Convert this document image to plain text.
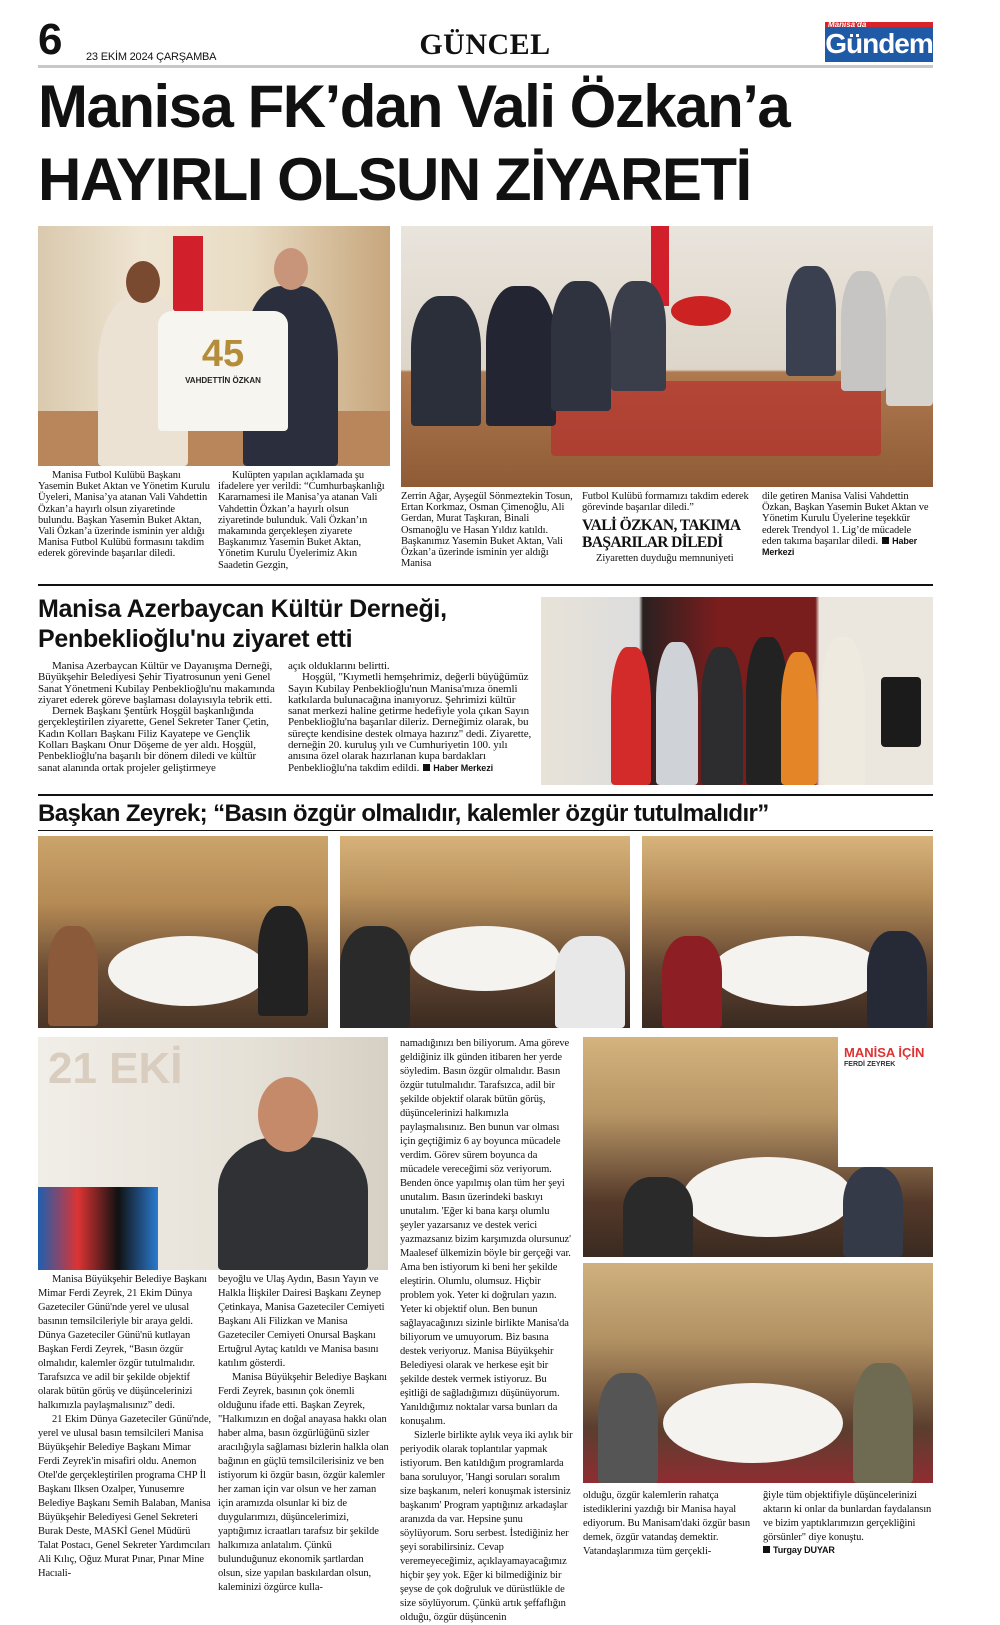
6 23 EKİM 2024 ÇARŞAMBA	GÜNCEL
Manisa'da
Gündem
Manisa FK’dan Vali Özkan’a
HAYIRLI OLSUN ZİYARETİ
45
VAHDETTİN ÖZKAN

Manisa Futbol Kulübü Başkanı Yasemin Buket Aktan ve Yönetim Kurulu Üyeleri, Manisa’ya atanan Vali Vahdettin Özkan’a hayırlı olsun ziyaretinde bulundu. Başkan Yasemin Buket Aktan, Vali Özkan’a üzerinde isminin yer aldığı Manisa Futbol Kulübü formasını takdim ederek görevinde başarılar diledi.

Kulüpten yapılan açıklamada şu ifadelere yer verildi: “Cumhurbaşkanlığı Kararnamesi ile Manisa’ya atanan Vali Vahdettin Özkan’a hayırlı olsun ziyaretinde bulunduk. Vali Özkan’ın makamında gerçekleşen ziyarete Başkanımız Yasemin Buket Aktan, Yönetim Kurulu Üyelerimiz Akın Saadetin Gezgin,

Zerrin Ağar, Ayşegül Sönmeztekin Tosun, Ertan Korkmaz, Osman Çimenoğlu, Ali Gerdan, Murat Taşkıran, Binali Osmanoğlu ve Hasan Yıldız katıldı. Başkanımız Yasemin Buket Aktan, Vali Özkan’a üzerinde isminin yer aldığı Manisa

Futbol Kulübü formamızı takdim ederek görevinde başarılar diledi.”

VALİ ÖZKAN, TAKIMA BAŞARILAR DİLEDİ

Ziyaretten duyduğu memnuniyeti

dile getiren Manisa Valisi Vahdettin Özkan, Başkan Yasemin Buket Aktan ve Yönetim Kurulu Üyelerine teşekkür ederek Trendyol 1. Lig’de mücadele eden takıma başarılar diledi. Haber Merkezi
Manisa Azerbaycan Kültür Derneği, Penbeklioğlu'nu ziyaret etti

Manisa Azerbaycan Kültür ve Dayanışma Derneği, Büyükşehir Belediyesi Şehir Tiyatrosunun yeni Genel Sanat Yönetmeni Kubilay Penbeklioğlu'nu makamında ziyaret ederek göreve başlaması dolayısıyla tebrik etti.

Dernek Başkanı Şentürk Hoşgül başkanlığında gerçekleştirilen ziyarette, Genel Sekreter Taner Çetin, Kadın Kolları Başkanı Filiz Kayatepe ve Gençlik Kolları Başkanı Onur Döşeme de yer aldı. Hoşgül, Penbeklioğlu'na başarılı bir dönem diledi ve kültür sanat alanında ortak projeler geliştirmeye

açık olduklarını belirtti.

Hoşgül, "Kıymetli hemşehrimiz, değerli büyüğümüz Sayın Kubilay Penbeklioğlu'nun Manisa'mıza önemli katkılarda bulunacağına inanıyoruz. Şehrimizi kültür sanat merkezi haline getirme hedefiyle yola çıkan Sayın Penbeklioğlu'na başarılar dileriz. Derneğimiz olarak, bu süreçte kendisine destek olmaya hazırız" dedi. Ziyarette, derneğin 20. kuruluş yılı ve Cumhuriyetin 100. yılı anısına özel olarak hazırlanan kupa bardakları Penbeklioğlu'na takdim edildi. Haber Merkezi

Başkan Zeyrek; “Basın özgür olmalıdır, kalemler özgür tutulmalıdır”
21 EKİ	MANİSA İÇİN
FERDİ ZEYREK

Manisa Büyükşehir Belediye Başkanı Mimar Ferdi Zeyrek, 21 Ekim Dünya Gazeteciler Günü'nde yerel ve ulusal basının temsilcileriyle bir araya geldi. Dünya Gazeteciler Günü'nü kutlayan Başkan Ferdi Zeyrek, “Basın özgür olmalıdır, kalemler özgür tutulmalıdır. Tarafsızca ve adil bir şekilde objektif olarak bütün görüş ve düşüncelerinizi halkımızla paylaşmalısınız” dedi.

21 Ekim Dünya Gazeteciler Günü'nde, yerel ve ulusal basın temsilcileri Manisa Büyükşehir Belediye Başkanı Mimar Ferdi Zeyrek'in misafiri oldu. Anemon Otel'de gerçekleştirilen programa CHP İl Başkanı Ilksen Ozalper, Yunusemre Belediye Başkanı Semih Balaban, Manisa Büyükşehir Belediyesi Genel Sekreteri Burak Deste, MASKİ Genel Müdürü Talat Postacı, Genel Sekreter Yardımcıları Ali Kılıç, Oğuz Murat Pınar, Pınar Mine Hacıali-

beyoğlu ve Ulaş Aydın, Basın Yayın ve Halkla İlişkiler Dairesi Başkanı Zeynep Çetinkaya, Manisa Gazeteciler Cemiyeti Başkanı Ali Filizkan ve Manisa Gazeteciler Cemiyeti Onursal Başkanı Ertuğrul Aytaç katıldı ve Manisa basını katılım gösterdi.

Manisa Büyükşehir Belediye Başkanı Ferdi Zeyrek, basının çok önemli olduğunu ifade etti. Başkan Zeyrek, "Halkımızın en doğal anayasa hakkı olan haber alma, basın özgürlüğünü sizler aracılığıyla sağlaması bizlerin halkla olan bağının en güçlü temsilcilerisiniz ve ben istiyorum ki özgür basın, özgür kalemler her zaman için var olsun ve her zaman için aramızda olsunlar ki biz de duygularımızı, düşüncelerimizi, yaptığımız icraatları tarafsız bir şekilde halkımıza anlatalım. Çünkü bulunduğunuz ekonomik şartlardan olsun, size yapılan baskılardan olsun, kaleminizi özgürce kulla-

namadığınızı ben biliyorum. Ama göreve geldiğiniz ilk günden itibaren her yerde söyledim. Basın özgür olmalıdır. Basın özgür tutulmalıdır. Tarafsızca, adil bir şekilde objektif olarak bütün görüş, düşüncelerinizi halkımızla paylaşmalısınız. Ben bunun var olması için geçtiğimiz 6 ay boyunca mücadele verdim. Görev sürem boyunca da mücadele vereceğimi söz veriyorum. Benden önce yapılmış olan tüm her şeyi unutalım. Basın üzerindeki baskıyı unutalım. 'Eğer ki bana karşı olumlu şeyler yazarsanız ve destek verici yazmazsanız bizim karşımızda olursunuz' Maalesef ülkemizin böyle bir gerçeği var. Ama ben istiyorum ki beni her şekilde eleştirin. Olumlu, olumsuz. Hiçbir problem yok. Yeter ki doğruları yazın. Yeter ki objektif olun. Ben bunun sağlayacağınızı sizinle birlikte Manisa'da biliyorum ve umuyorum. Biz basına destek veriyoruz. Manisa Büyükşehir Belediyesi olarak ve herkese eşit bir şekilde destek vermek istiyoruz. Bu eşitliği de sağladığımızı düşünüyorum. Yanıldığımız noktalar varsa bunları da konuşalım.

Sizlerle birlikte aylık veya iki aylık bir periyodik olarak toplantılar yapmak istiyorum. Ben katıldığım programlarda bana soruluyor, 'Hangi soruları soralım size başkanım, neleri konuşmak istersiniz başkanım' Program yaptığınız arkadaşlar aranızda da var. Hepsine şunu söylüyorum. Soru serbest. İstediğiniz her şeyi sorabilirsiniz. Cevap veremeyeceğimiz, açıklayamayacağımız hiçbir şey yok. Eğer ki bilmediğiniz bir şeyse de çok doğruluk ve dürüstlükle de size söylüyorum. Çünkü artık şeffaflığın olduğu, özgür düşüncenin

olduğu, özgür kalemlerin rahatça istediklerini yazdığı bir Manisa hayal ediyorum. Bu Manisam'daki özgür basın demek, özgür vatandaş demektir. Vatandaşlarımıza tüm gerçekli-

ğiyle tüm objektifiyle düşüncelerinizi aktarın ki onlar da bunlardan faydalansın ve bizim yaptıklarımızın gerçekliğini görsünler" diye konuştu.

Turgay DUYAR
